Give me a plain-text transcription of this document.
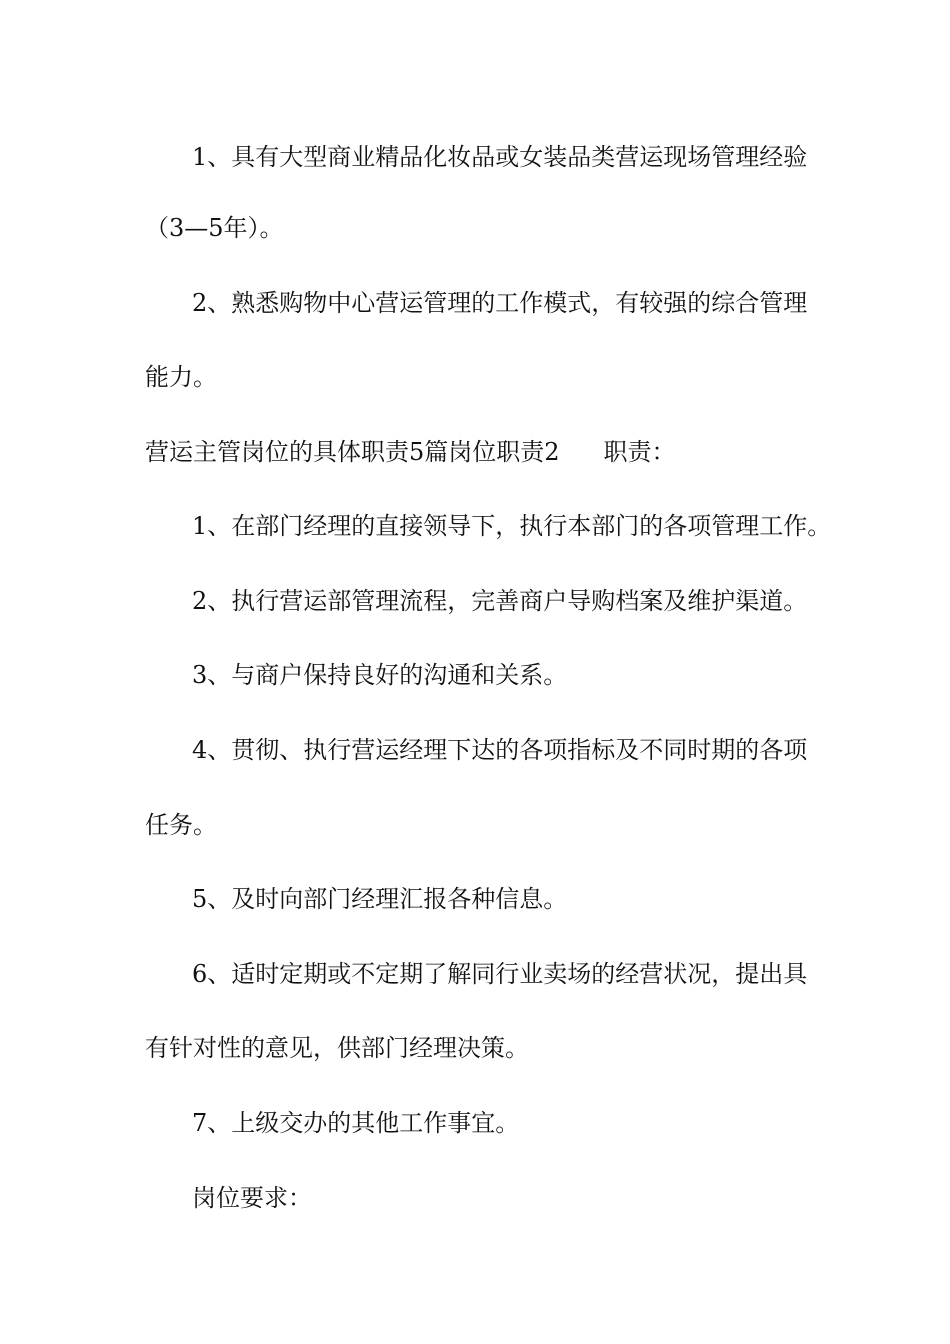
1、具有大型商业精品化妆品或女装品类营运现场管理经验
（3—5年）。
2、熟悉购物中心营运管理的工作模式，有较强的综合管理
能力。
营运主管岗位的具体职责5篇岗位职责2 职责：
1、在部门经理的直接领导下，执行本部门的各项管理工作。
2、执行营运部管理流程，完善商户导购档案及维护渠道。
3、与商户保持良好的沟通和关系。
4、贯彻、执行营运经理下达的各项指标及不同时期的各项
任务。
5、及时向部门经理汇报各种信息。
6、适时定期或不定期了解同行业卖场的经营状况，提出具
有针对性的意见，供部门经理决策。
7、上级交办的其他工作事宜。
岗位要求：
